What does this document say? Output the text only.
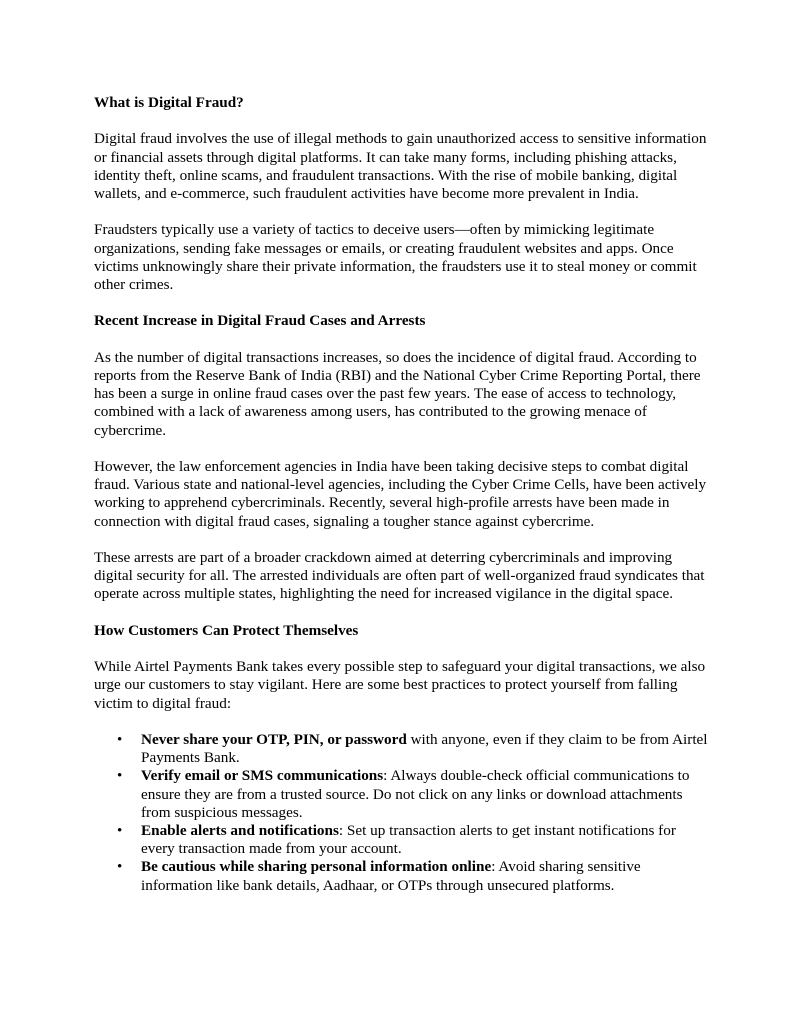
What is Digital Fraud?

Digital fraud involves the use of illegal methods to gain unauthorized access to sensitive information or financial assets through digital platforms. It can take many forms, including phishing attacks, identity theft, online scams, and fraudulent transactions. With the rise of mobile banking, digital wallets, and e-commerce, such fraudulent activities have become more prevalent in India.

Fraudsters typically use a variety of tactics to deceive users—often by mimicking legitimate organizations, sending fake messages or emails, or creating fraudulent websites and apps. Once victims unknowingly share their private information, the fraudsters use it to steal money or commit other crimes.

Recent Increase in Digital Fraud Cases and Arrests

As the number of digital transactions increases, so does the incidence of digital fraud. According to reports from the Reserve Bank of India (RBI) and the National Cyber Crime Reporting Portal, there has been a surge in online fraud cases over the past few years. The ease of access to technology, combined with a lack of awareness among users, has contributed to the growing menace of cybercrime.

However, the law enforcement agencies in India have been taking decisive steps to combat digital fraud. Various state and national-level agencies, including the Cyber Crime Cells, have been actively working to apprehend cybercriminals. Recently, several high-profile arrests have been made in connection with digital fraud cases, signaling a tougher stance against cybercrime.

These arrests are part of a broader crackdown aimed at deterring cybercriminals and improving digital security for all. The arrested individuals are often part of well-organized fraud syndicates that operate across multiple states, highlighting the need for increased vigilance in the digital space.

How Customers Can Protect Themselves

While Airtel Payments Bank takes every possible step to safeguard your digital transactions, we also urge our customers to stay vigilant. Here are some best practices to protect yourself from falling victim to digital fraud:

• Never share your OTP, PIN, or password with anyone, even if they claim to be from Airtel Payments Bank.
• Verify email or SMS communications: Always double-check official communications to ensure they are from a trusted source. Do not click on any links or download attachments from suspicious messages.
• Enable alerts and notifications: Set up transaction alerts to get instant notifications for every transaction made from your account.
• Be cautious while sharing personal information online: Avoid sharing sensitive information like bank details, Aadhaar, or OTPs through unsecured platforms.
